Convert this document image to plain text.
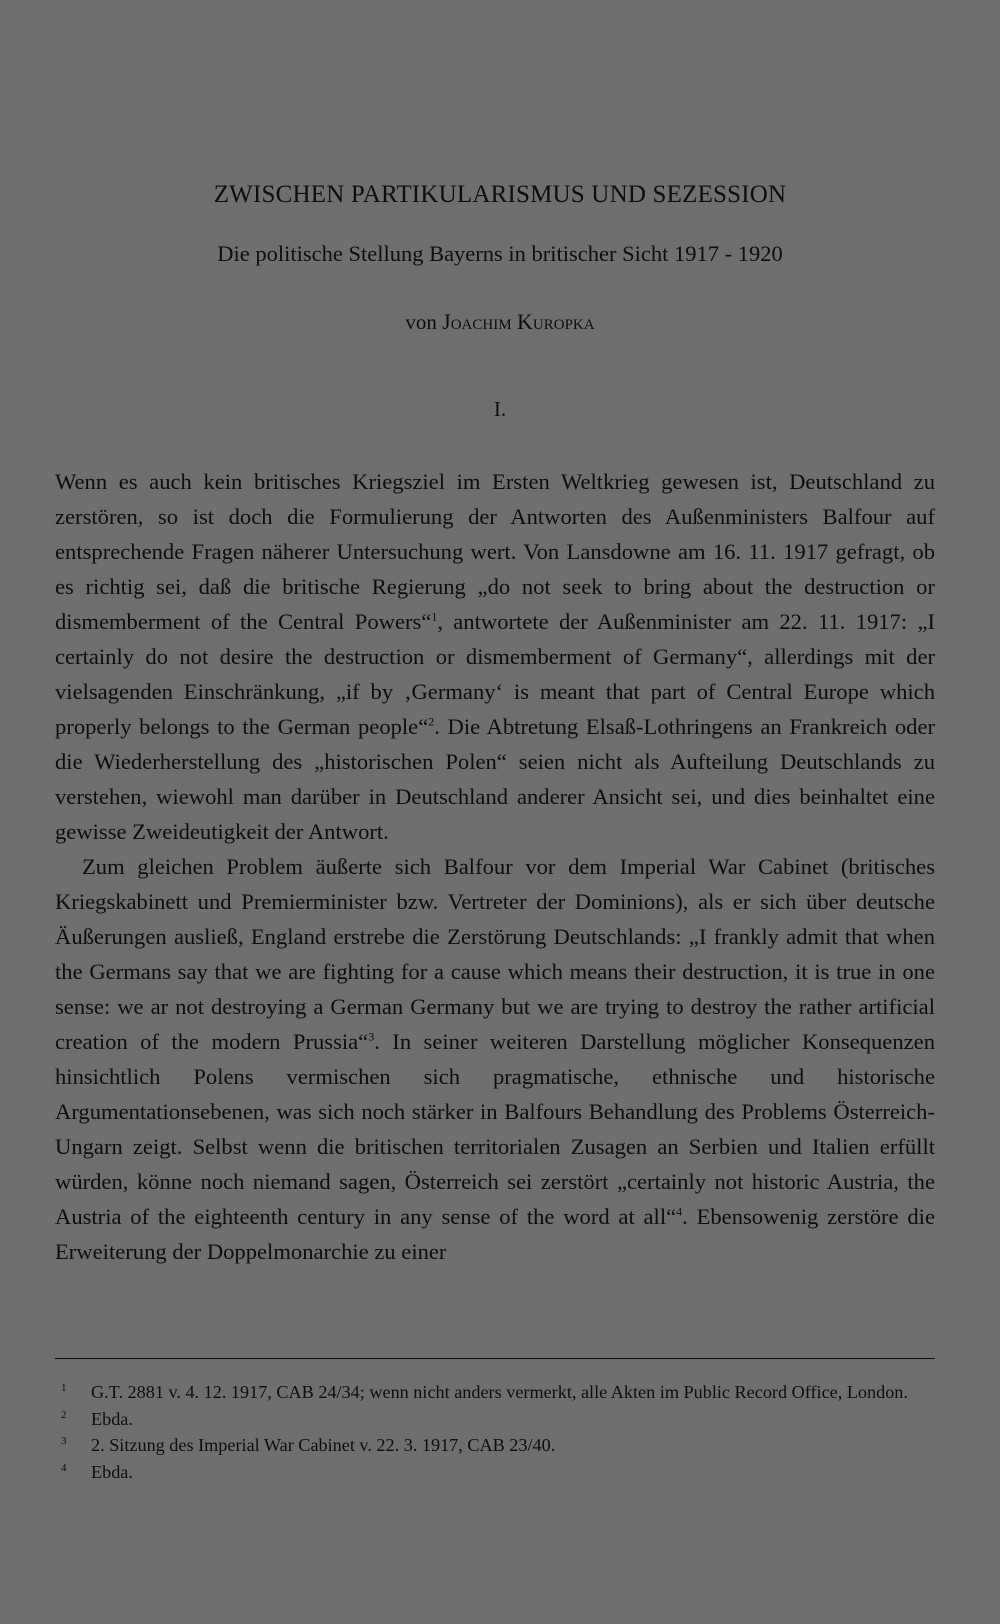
ZWISCHEN PARTIKULARISMUS UND SEZESSION
Die politische Stellung Bayerns in britischer Sicht 1917 - 1920
von Joachim Kuropka
I.

Wenn es auch kein britisches Kriegsziel im Ersten Weltkrieg gewesen ist, Deutschland zu zerstören, so ist doch die Formulierung der Antworten des Außenministers Balfour auf entsprechende Fragen näherer Untersuchung wert. Von Lansdowne am 16. 11. 1917 gefragt, ob es richtig sei, daß die britische Regierung „do not seek to bring about the destruction or dismemberment of the Central Powers“$^1$, antwortete der Außenminister am 22. 11. 1917: „I certainly do not desire the destruction or dismemberment of Germany“, allerdings mit der vielsagenden Einschränkung, „if by ‚Germany‘ is meant that part of Central Europe which properly belongs to the German people“$^2$. Die Abtretung Elsaß-Lothringens an Frankreich oder die Wiederherstellung des „historischen Polen“ seien nicht als Aufteilung Deutschlands zu verstehen, wiewohl man darüber in Deutschland anderer Ansicht sei, und dies beinhaltet eine gewisse Zweideutigkeit der Antwort.

Zum gleichen Problem äußerte sich Balfour vor dem Imperial War Cabinet (britisches Kriegskabinett und Premierminister bzw. Vertreter der Dominions), als er sich über deutsche Äußerungen ausließ, England erstrebe die Zerstörung Deutschlands: „I frankly admit that when the Germans say that we are fighting for a cause which means their destruction, it is true in one sense: we ar not destroying a German Germany but we are trying to destroy the rather artificial creation of the modern Prussia“$^3$. In seiner weiteren Darstellung möglicher Konsequenzen hinsichtlich Polens vermischen sich pragmatische, ethnische und historische Argumentationsebenen, was sich noch stärker in Balfours Behandlung des Problems Österreich-Ungarn zeigt. Selbst wenn die britischen territorialen Zusagen an Serbien und Italien erfüllt würden, könne noch niemand sagen, Österreich sei zerstört „certainly not historic Austria, the Austria of the eighteenth century in any sense of the word at all“$^4$. Ebensowenig zerstöre die Erweiterung der Doppelmonarchie zu einer

1 G.T. 2881 v. 4. 12. 1917, CAB 24/34; wenn nicht anders vermerkt, alle Akten im Public Record Office, London.

2 Ebda.

3 2. Sitzung des Imperial War Cabinet v. 22. 3. 1917, CAB 23/40.

4 Ebda.
